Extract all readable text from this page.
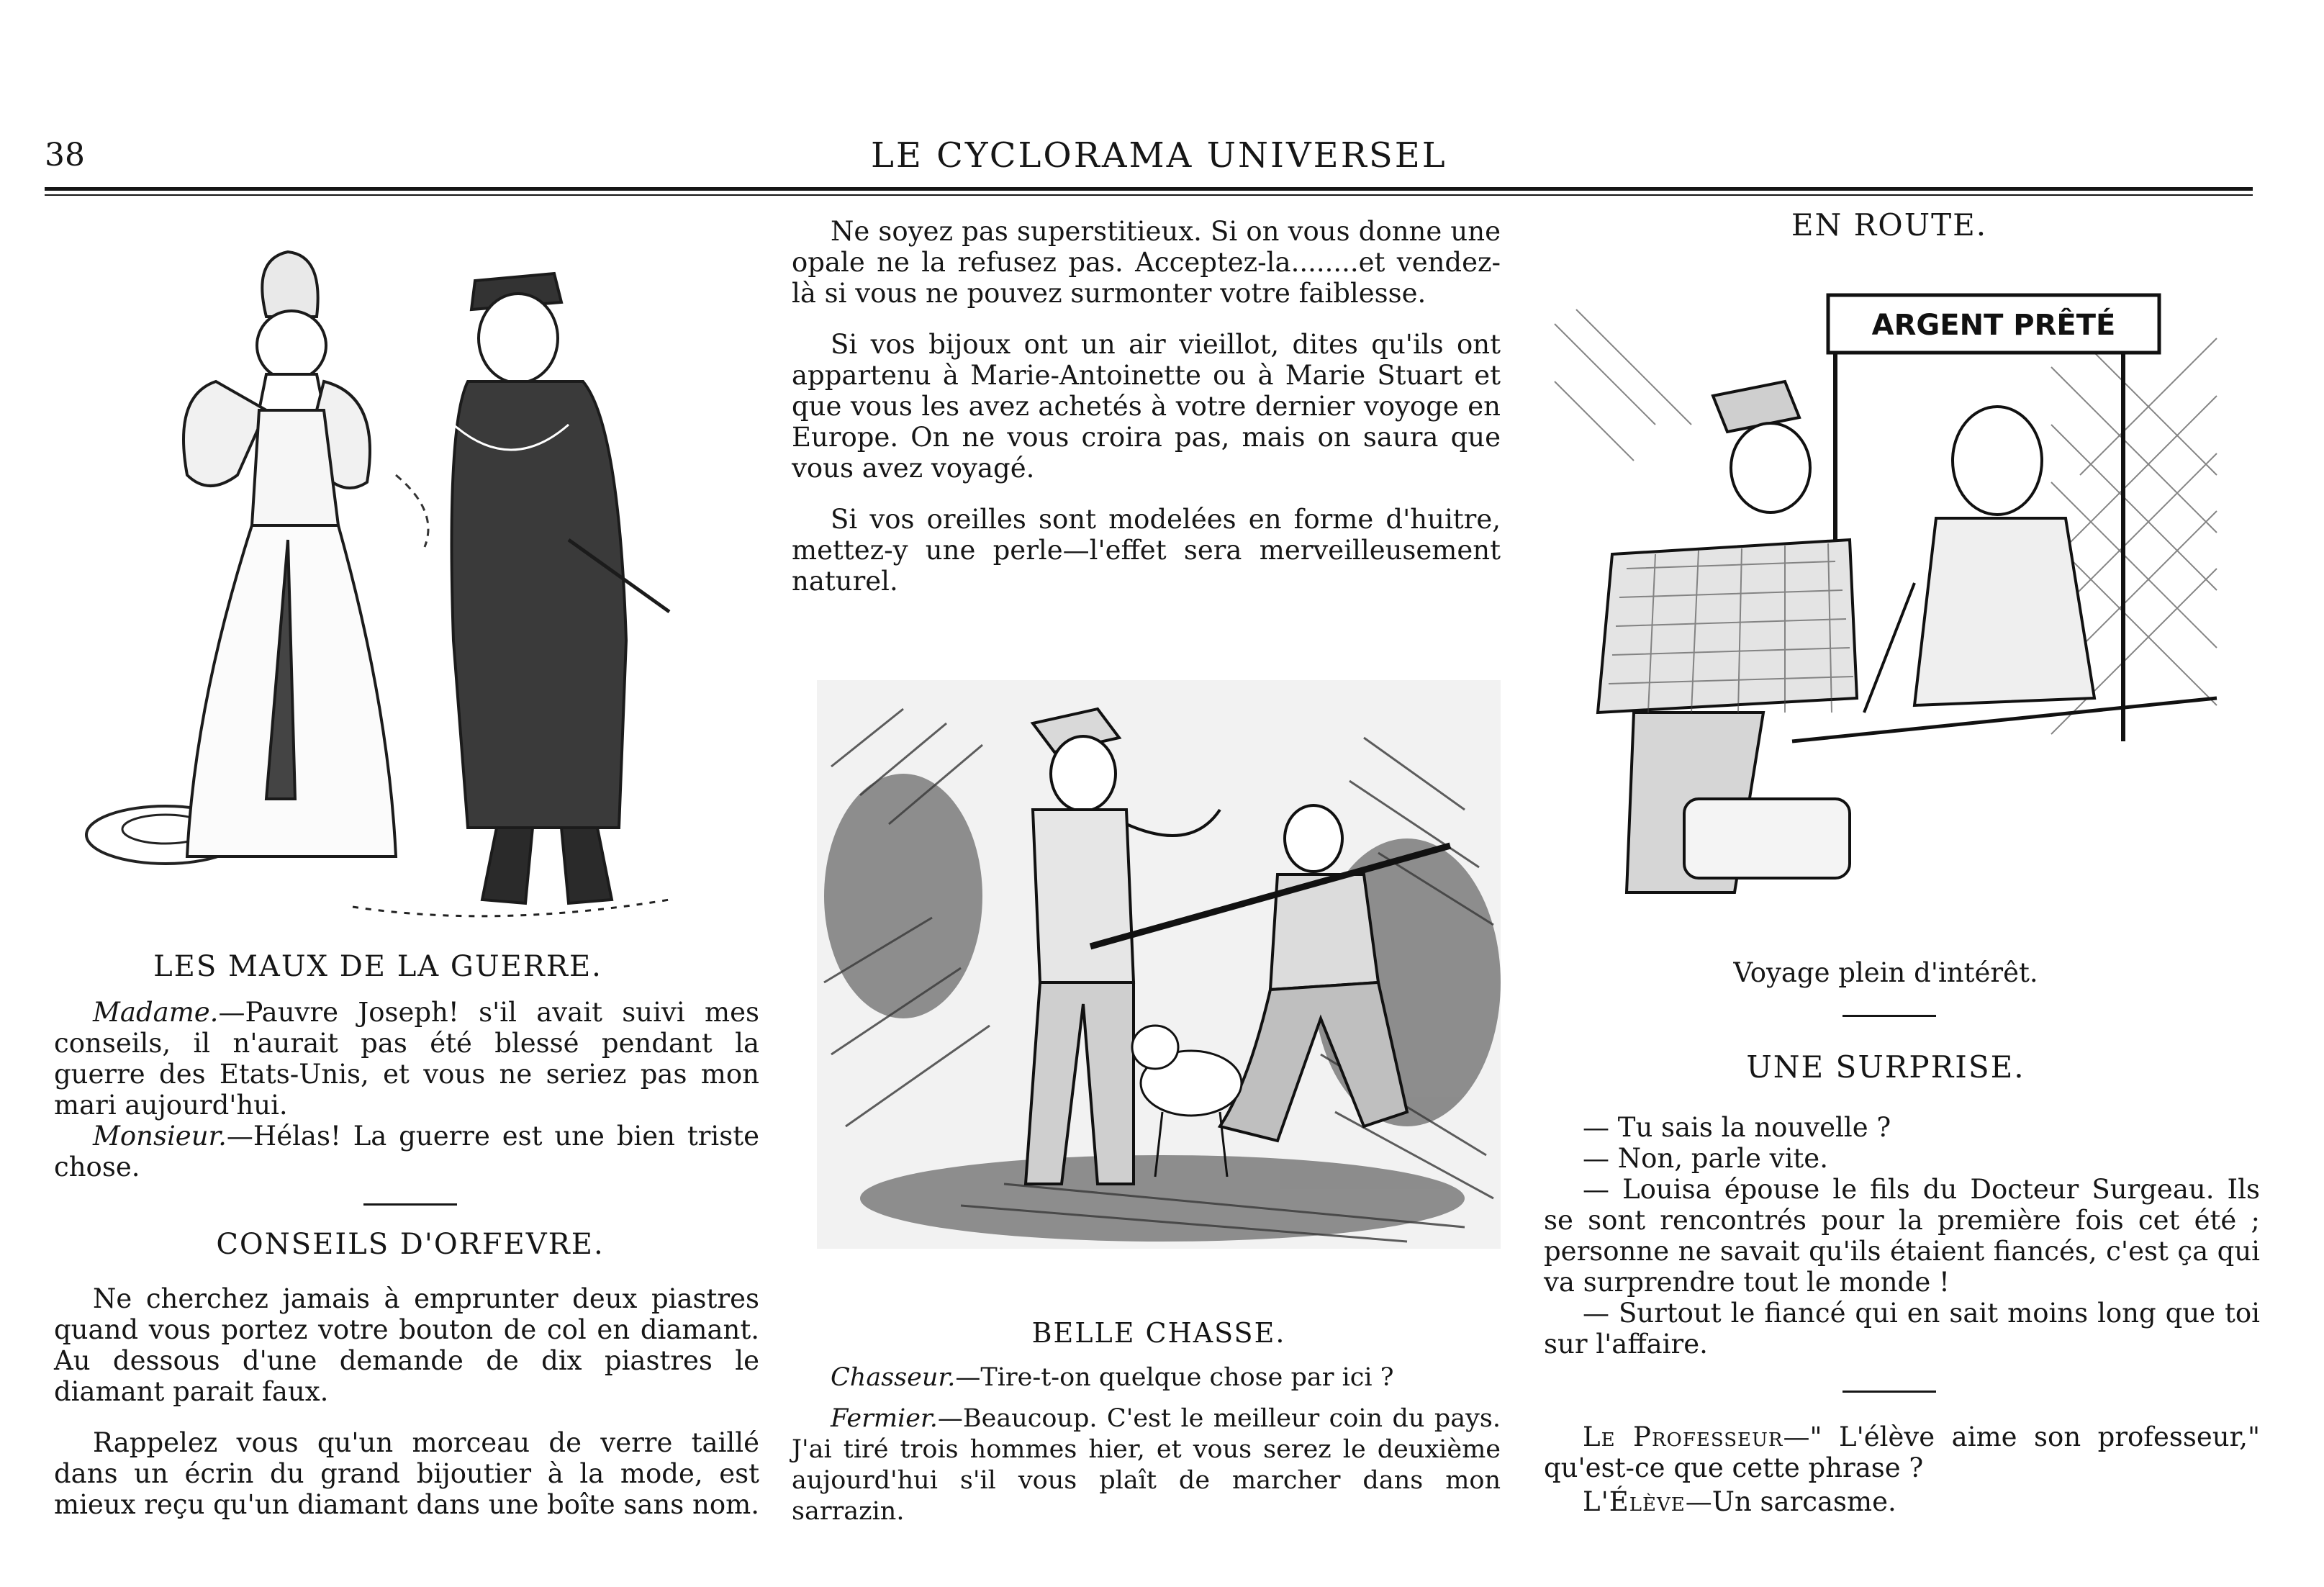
38	LE CYCLORAMA UNIVERSEL
LES MAUX DE LA GUERRE.

Madame.—Pauvre Joseph! s'il avait suivi mes conseils, il n'aurait pas été blessé pendant la guerre des Etats-Unis, et vous ne seriez pas mon mari aujourd'hui.

Monsieur.—Hélas! La guerre est une bien triste chose.

CONSEILS D'ORFEVRE.

Ne cherchez jamais à emprunter deux piastres quand vous portez votre bouton de col en diamant. Au dessous d'une demande de dix piastres le diamant parait faux.

Rappelez vous qu'un morceau de verre taillé dans un écrin du grand bijoutier à la mode, est mieux reçu qu'un diamant dans une boîte sans nom.

Ne soyez pas superstitieux. Si on vous donne une opale ne la refusez pas. Acceptez-la........et vendez-là si vous ne pouvez surmonter votre faiblesse.

Si vos bijoux ont un air vieillot, dites qu'ils ont appartenu à Marie-Antoinette ou à Marie Stuart et que vous les avez achetés à votre dernier voyoge en Europe. On ne vous croira pas, mais on saura que vous avez voyagé.

Si vos oreilles sont modelées en forme d'huitre, mettez-y une perle—l'effet sera merveilleusement naturel.

BELLE CHASSE.

Chasseur.—Tire-t-on quelque chose par ici ?

Fermier.—Beaucoup. C'est le meilleur coin du pays. J'ai tiré trois hommes hier, et vous serez le deuxième aujourd'hui s'il vous plaît de marcher dans mon sarrazin.

EN ROUTE.
ARGENT PRÊTÉ
Voyage plein d'intérêt.
UNE SURPRISE.

— Tu sais la nouvelle ?

— Non, parle vite.

— Louisa épouse le fils du Docteur Surgeau. Ils se sont rencontrés pour la première fois cet été ; personne ne savait qu'ils étaient fiancés, c'est ça qui va surprendre tout le monde !

— Surtout le fiancé qui en sait moins long que toi sur l'affaire.

Le Professeur—" L'élève aime son professeur," qu'est-ce que cette phrase ?

L'Élève—Un sarcasme.
